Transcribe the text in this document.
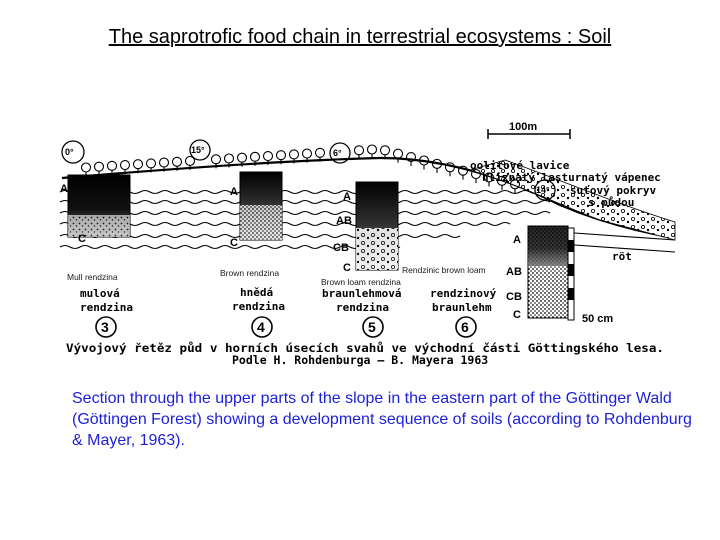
The saprotrofic food chain in terrestrial ecosystems : Soil
100m
50 cm
0°	15°	6°
14°
oolitové lavice
hliznatý lasturnatý vápenec
suťový pokryv
s půdou
röt
A
C
A
C
A
AB
CB
C
A
AB
CB
C
Mull rendzina	Brown rendzina
Brown loam rendzina
Rendzinic brown loam
mulová
rendzina
hnědá
rendzina
braunlehmová
rendzina
rendzinový
braunlehm
3	4	5	6
Vývojový řetěz půd v horních úsecích svahů ve východní části Göttingského lesa.
Podle H. Rohdenburga – B. Mayera 1963
Section through the upper parts of the slope in the eastern part of the Göttinger Wald (Göttingen Forest) showing a development sequence of soils (according to Rohdenburg & Mayer, 1963).
